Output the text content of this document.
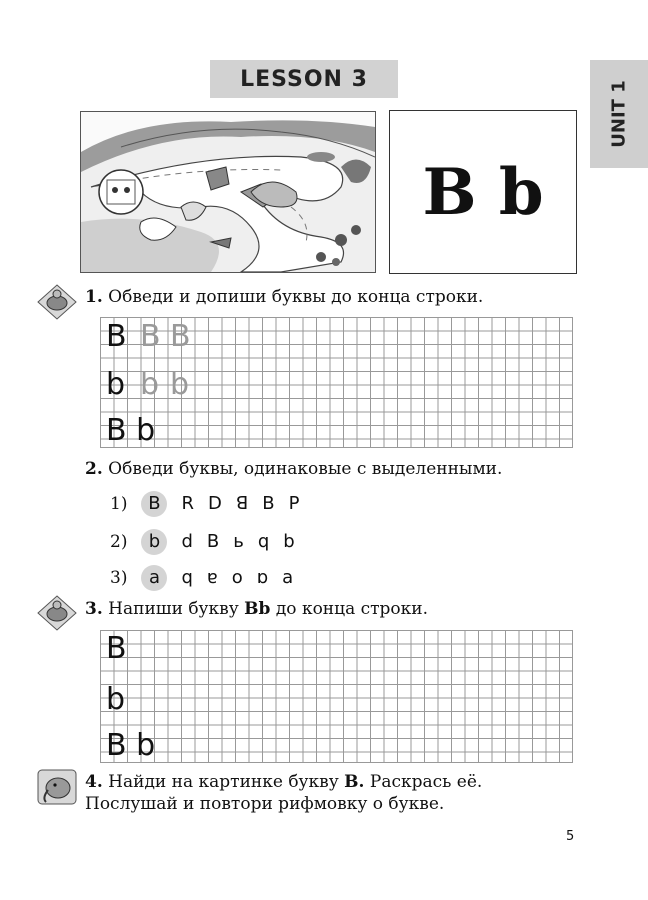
LESSON 3
UNIT 1
B b
1. Обведи и допиши буквы до конца строки.
B B B
b b b
B b
2. Обведи буквы, одинаковые с выделенными.
1)	B	R D ꓭ B P
2)	b	d B ь q b
3)	a	q ɐ o ɒ a
3. Напиши букву Bb до конца строки.
B
b
B b
4. Найди на картинке букву B. Раскрась её.
Послушай и повтори рифмовку о букве.
5
